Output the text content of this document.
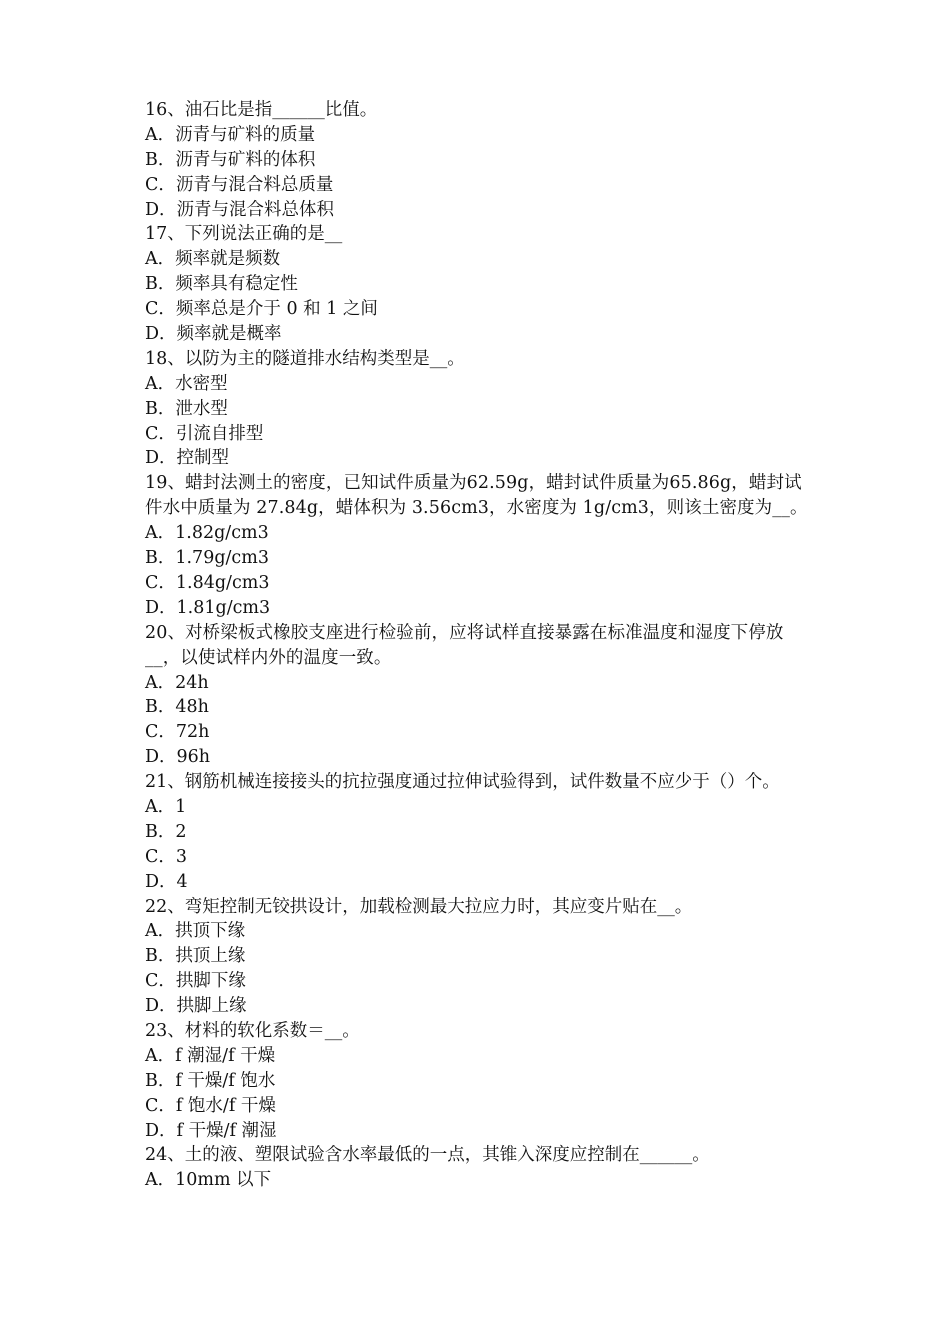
16、油石比是指______比值。
A．沥青与矿料的质量
B．沥青与矿料的体积
C．沥青与混合料总质量
D．沥青与混合料总体积
17、下列说法正确的是__
A．频率就是频数
B．频率具有稳定性
C．频率总是介于 0 和 1 之间
D．频率就是概率
18、以防为主的隧道排水结构类型是__。
A．水密型
B．泄水型
C．引流自排型
D．控制型
19、蜡封法测土的密度，已知试件质量为62.59g，蜡封试件质量为65.86g，蜡封试件水中质量为 27.84g，蜡体积为 3.56cm3，水密度为 1g/cm3，则该土密度为__。
A．1.82g/cm3
B．1.79g/cm3
C．1.84g/cm3
D．1.81g/cm3
20、对桥梁板式橡胶支座进行检验前，应将试样直接暴露在标准温度和湿度下停放__，以使试样内外的温度一致。
A．24h
B．48h
C．72h
D．96h
21、钢筋机械连接接头的抗拉强度通过拉伸试验得到，试件数量不应少于（）个。
A．1
B．2
C．3
D．4
22、弯矩控制无铰拱设计，加载检测最大拉应力时，其应变片贴在__。
A．拱顶下缘
B．拱顶上缘
C．拱脚下缘
D．拱脚上缘
23、材料的软化系数＝__。
A．f 潮湿/f 干燥
B．f 干燥/f 饱水
C．f 饱水/f 干燥
D．f 干燥/f 潮湿
24、土的液、塑限试验含水率最低的一点，其锥入深度应控制在______。
A．10mm 以下
